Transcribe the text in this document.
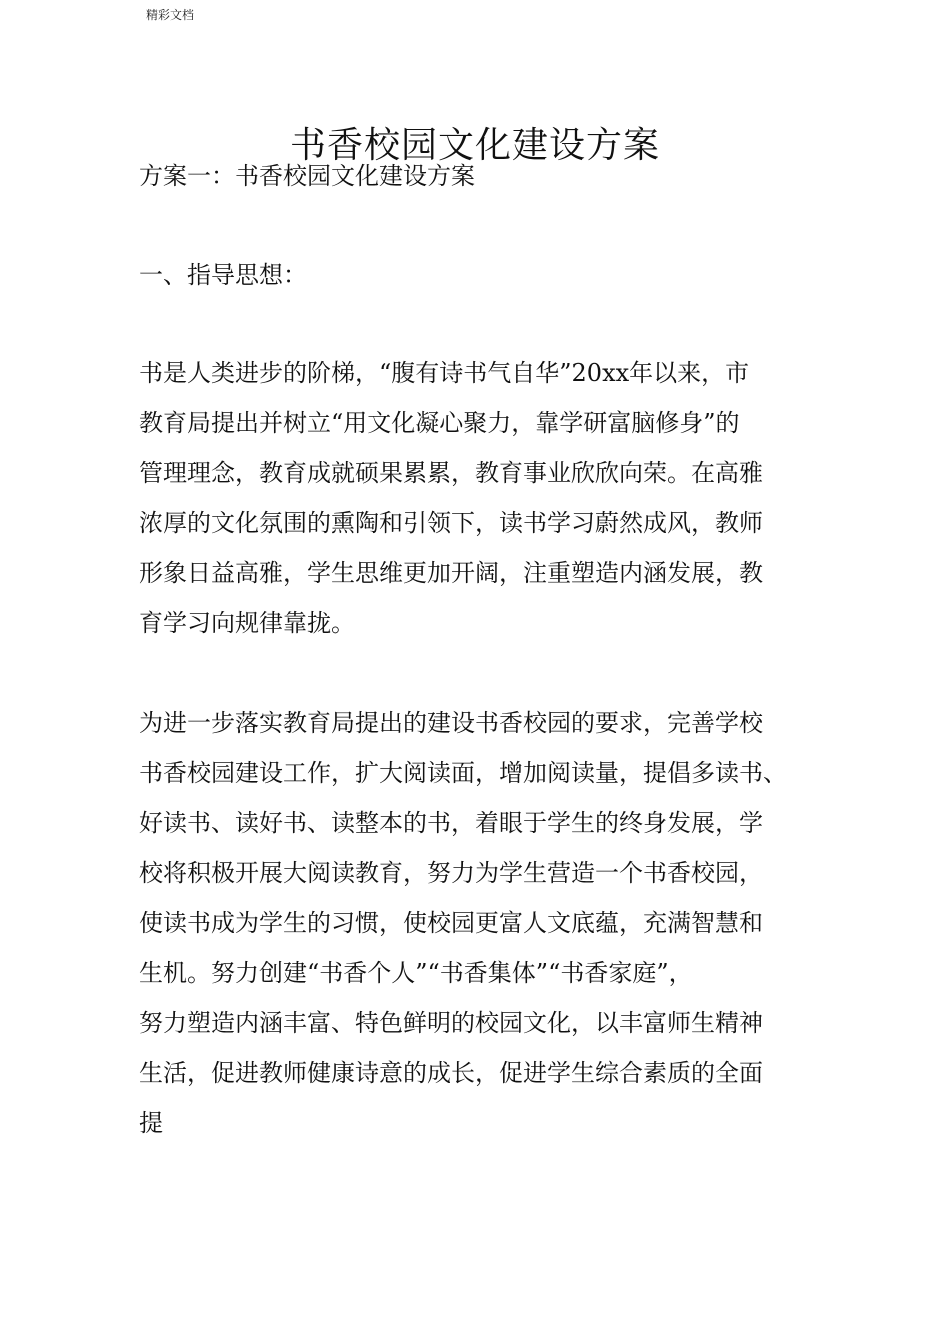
精彩文档
书香校园文化建设方案
方案一：书香校园文化建设方案
一、指导思想：
书是人类进步的阶梯，“腹有诗书气自华”20xx年以来，市
教育局提出并树立“用文化凝心聚力，靠学研富脑修身”的
管理理念，教育成就硕果累累，教育事业欣欣向荣。在高雅
浓厚的文化氛围的熏陶和引领下，读书学习蔚然成风，教师
形象日益高雅，学生思维更加开阔，注重塑造内涵发展，教
育学习向规律靠拢。
为进一步落实教育局提出的建设书香校园的要求，完善学校
书香校园建设工作，扩大阅读面，增加阅读量，提倡多读书、
好读书、读好书、读整本的书，着眼于学生的终身发展，学
校将积极开展大阅读教育，努力为学生营造一个书香校园，
使读书成为学生的习惯，使校园更富人文底蕴，充满智慧和
生机。努力创建“书香个人”“书香集体”“书香家庭”，
努力塑造内涵丰富、特色鲜明的校园文化，以丰富师生精神
生活，促进教师健康诗意的成长，促进学生综合素质的全面
提
